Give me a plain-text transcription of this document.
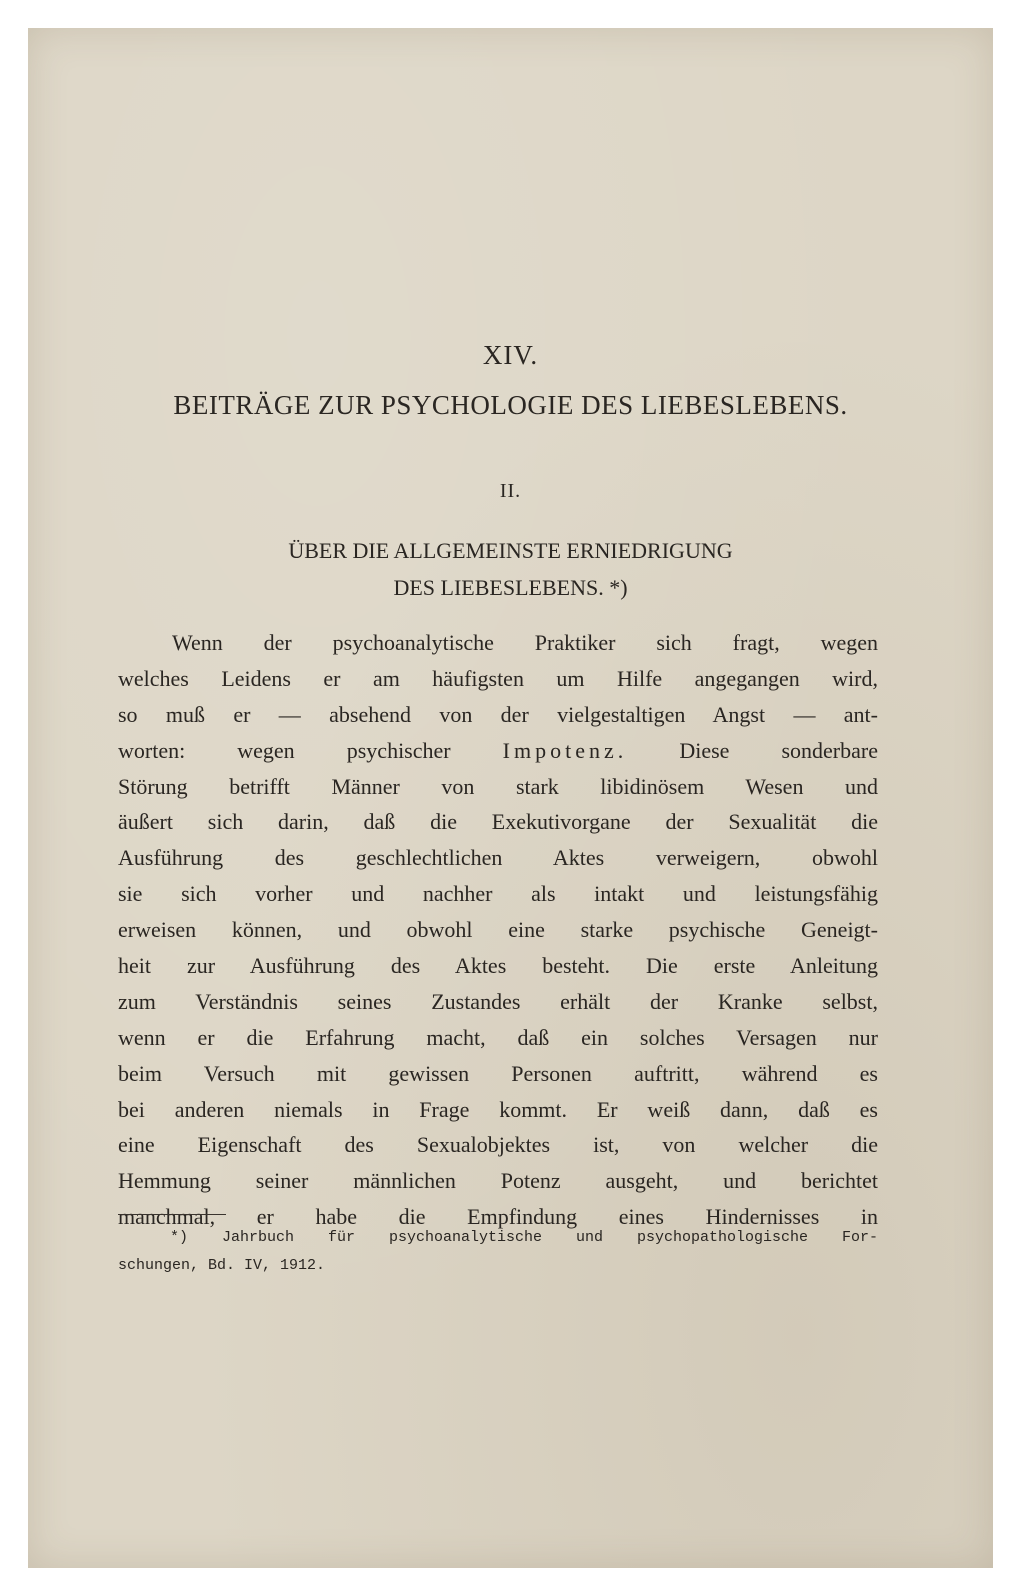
XIV.
BEITRÄGE ZUR PSYCHOLOGIE DES LIEBESLEBENS.
II.
ÜBER DIE ALLGEMEINSTE ERNIEDRIGUNG
DES LIEBESLEBENS. *)
Wenn der psychoanalytische Praktiker sich fragt, wegen
welches Leidens er am häufigsten um Hilfe angegangen wird,
so muß er — absehend von der vielgestaltigen Angst — ant-
worten: wegen psychischer Impotenz. Diese sonderbare
Störung betrifft Männer von stark libidinösem Wesen und
äußert sich darin, daß die Exekutivorgane der Sexualität die
Ausführung des geschlechtlichen Aktes verweigern, obwohl
sie sich vorher und nachher als intakt und leistungsfähig
erweisen können, und obwohl eine starke psychische Geneigt-
heit zur Ausführung des Aktes besteht. Die erste Anleitung
zum Verständnis seines Zustandes erhält der Kranke selbst,
wenn er die Erfahrung macht, daß ein solches Versagen nur
beim Versuch mit gewissen Personen auftritt, während es
bei anderen niemals in Frage kommt. Er weiß dann, daß es
eine Eigenschaft des Sexualobjektes ist, von welcher die
Hemmung seiner männlichen Potenz ausgeht, und berichtet
manchmal, er habe die Empfindung eines Hindernisses in
*) Jahrbuch für psychoanalytische und psychopathologische For-
schungen, Bd. IV, 1912.
